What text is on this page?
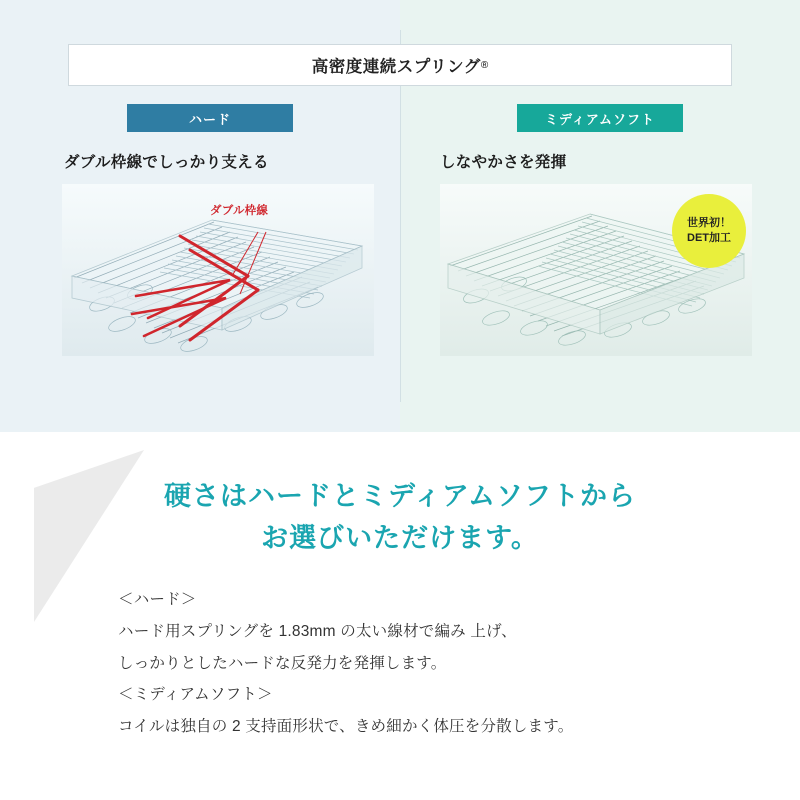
高密度連続スプリング ®
ハード	ミディアムソフト
ダブル枠線でしっかり支える	しなやかさを発揮
ダブル枠線
世界初！
DET加工
硬さはハードとミディアムソフトから
お選びいただけます。

＜ハード＞

ハード用スプリングを 1.83mm の太い線材で編み 上げ、

しっかりとしたハードな反発力を発揮します。

＜ミディアムソフト＞

コイルは独自の 2 支持面形状で、きめ細かく体圧を分散します。
